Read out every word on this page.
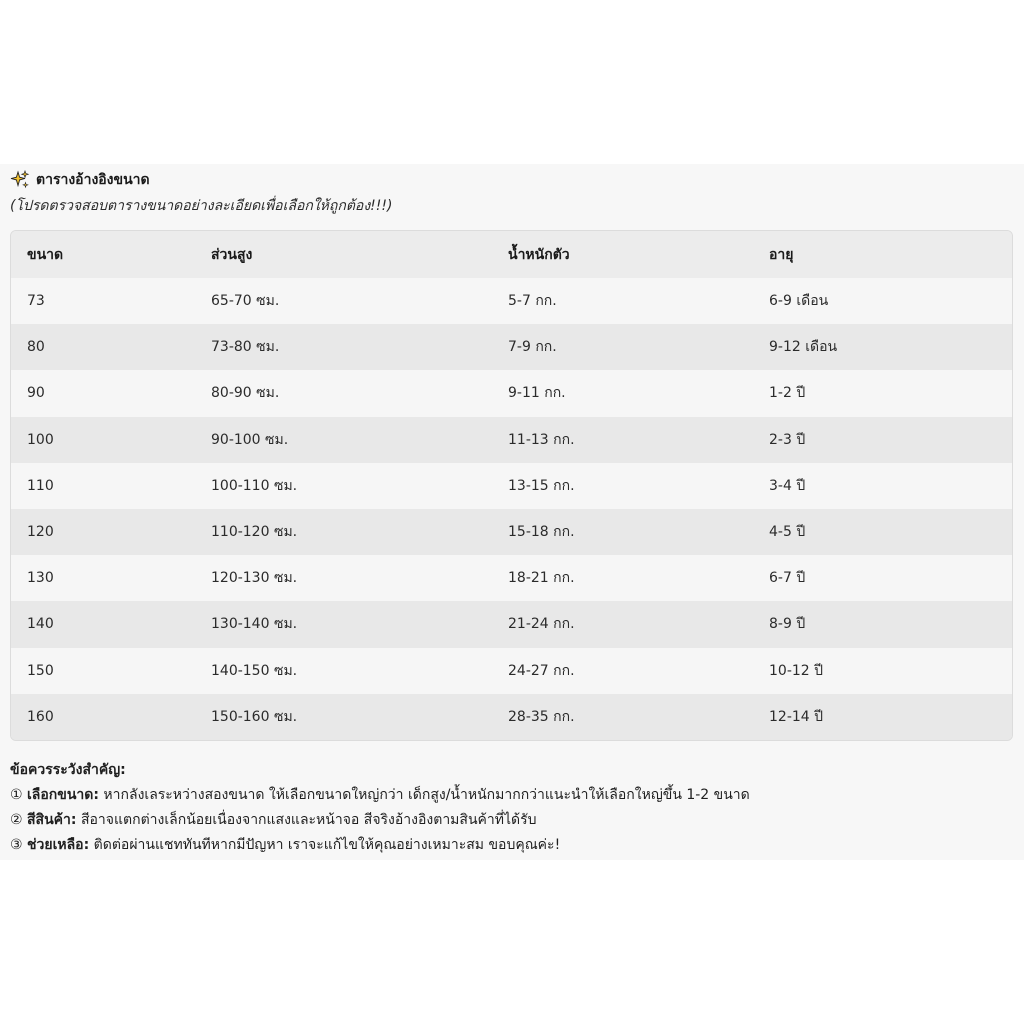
ตารางอ้างอิงขนาด
(โปรดตรวจสอบตารางขนาดอย่างละเอียดเพื่อเลือกให้ถูกต้อง!!!)
ขนาด	ส่วนสูง	น้ำหนักตัว	อายุ
73	65-70 ซม.	5-7 กก.	6-9 เดือน
80	73-80 ซม.	7-9 กก.	9-12 เดือน
90	80-90 ซม.	9-11 กก.	1-2 ปี
100	90-100 ซม.	11-13 กก.	2-3 ปี
110	100-110 ซม.	13-15 กก.	3-4 ปี
120	110-120 ซม.	15-18 กก.	4-5 ปี
130	120-130 ซม.	18-21 กก.	6-7 ปี
140	130-140 ซม.	21-24 กก.	8-9 ปี
150	140-150 ซม.	24-27 กก.	10-12 ปี
160	150-160 ซม.	28-35 กก.	12-14 ปี
ข้อควรระวังสำคัญ:
① เลือกขนาด: หากลังเลระหว่างสองขนาด ให้เลือกขนาดใหญ่กว่า เด็กสูง/น้ำหนักมากกว่าแนะนำให้เลือกใหญ่ขึ้น 1-2 ขนาด
② สีสินค้า: สีอาจแตกต่างเล็กน้อยเนื่องจากแสงและหน้าจอ สีจริงอ้างอิงตามสินค้าที่ได้รับ
③ ช่วยเหลือ: ติดต่อผ่านแชททันทีหากมีปัญหา เราจะแก้ไขให้คุณอย่างเหมาะสม ขอบคุณค่ะ!
